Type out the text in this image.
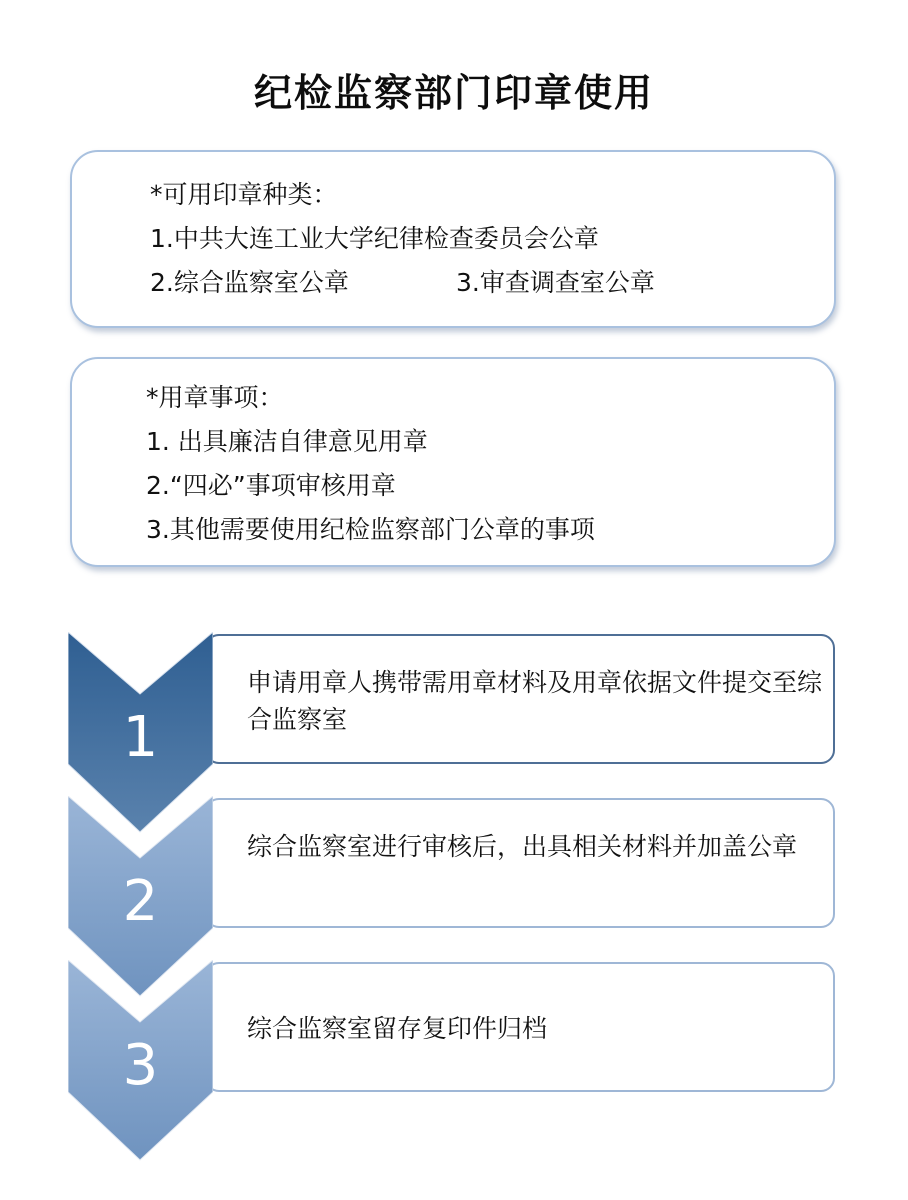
纪检监察部门印章使用
*可用印章种类：
1.中共大连工业大学纪律检查委员会公章
2.综合监察室公章	3.审查调查室公章
*用章事项：
1. 出具廉洁自律意见用章
2.“四必”事项审核用章
3.其他需要使用纪检监察部门公章的事项
申请用章人携带需用章材料及用章依据文件提交至综合监察室
综合监察室进行审核后，出具相关材料并加盖公章
综合监察室留存复印件归档
1
2
3
